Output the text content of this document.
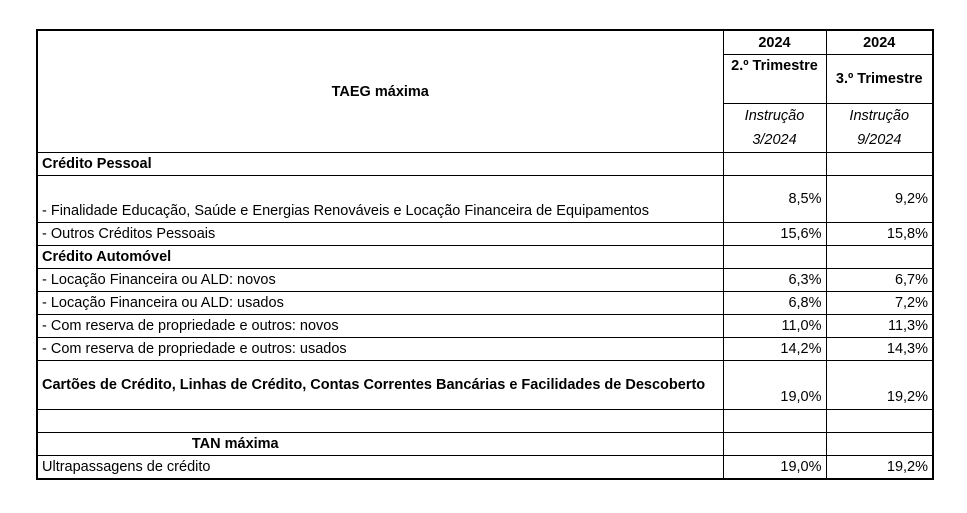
TAEG máxima	2024	2024
	2.º Trimestre	3.º Trimestre
	Instrução	Instrução
	3/2024	9/2024
Crédito Pessoal		
- Finalidade Educação, Saúde e Energias Renováveis e Locação Financeira de Equipamentos	8,5%	9,2%
- Outros Créditos Pessoais	15,6%	15,8%
Crédito Automóvel		
- Locação Financeira ou ALD: novos	6,3%	6,7%
- Locação Financeira ou ALD: usados	6,8%	7,2%
- Com reserva de propriedade e outros: novos	11,0%	11,3%
- Com reserva de propriedade e outros: usados	14,2%	14,3%
Cartões de Crédito, Linhas de Crédito, Contas Correntes Bancárias e Facilidades de Descoberto	19,0%	19,2%

TAN máxima		
Ultrapassagens de crédito	19,0%	19,2%
